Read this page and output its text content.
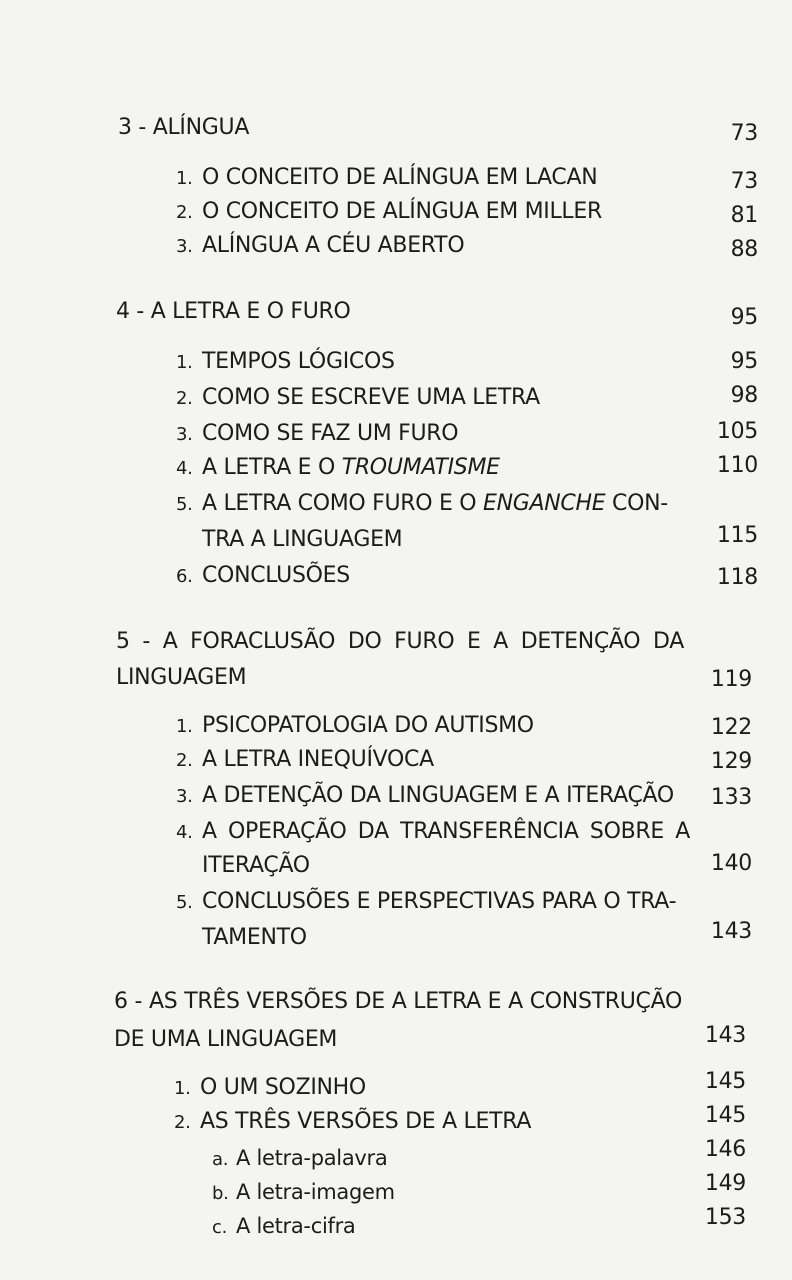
3 - ALÍNGUA	73
1. O CONCEITO DE ALÍNGUA EM LACAN	73
2. O CONCEITO DE ALÍNGUA EM MILLER	81
3. ALÍNGUA A CÉU ABERTO	88
4 - A LETRA E O FURO	95
1. TEMPOS LÓGICOS	95
2. COMO SE ESCREVE UMA LETRA	98
3. COMO SE FAZ UM FURO	105
4. A LETRA E O TROUMATISME	110
5. A LETRA COMO FURO E O ENGANCHE CON-
TRA A LINGUAGEM	115
6. CONCLUSÕES	118
5 - A FORACLUSÃO DO FURO E A DETENÇÃO DA
LINGUAGEM	119
1. PSICOPATOLOGIA DO AUTISMO	122
2. A LETRA INEQUÍVOCA	129
3. A DETENÇÃO DA LINGUAGEM E A ITERAÇÃO	133
4. A OPERAÇÃO DA TRANSFERÊNCIA SOBRE A
ITERAÇÃO	140
5. CONCLUSÕES E PERSPECTIVAS PARA O TRA-
TAMENTO	143
6 - AS TRÊS VERSÕES DE A LETRA E A CONSTRUÇÃO
DE UMA LINGUAGEM	143
1. O UM SOZINHO	145
2. AS TRÊS VERSÕES DE A LETRA	145
a. A letra-palavra	146
b. A letra-imagem	149
c. A letra-cifra	153
